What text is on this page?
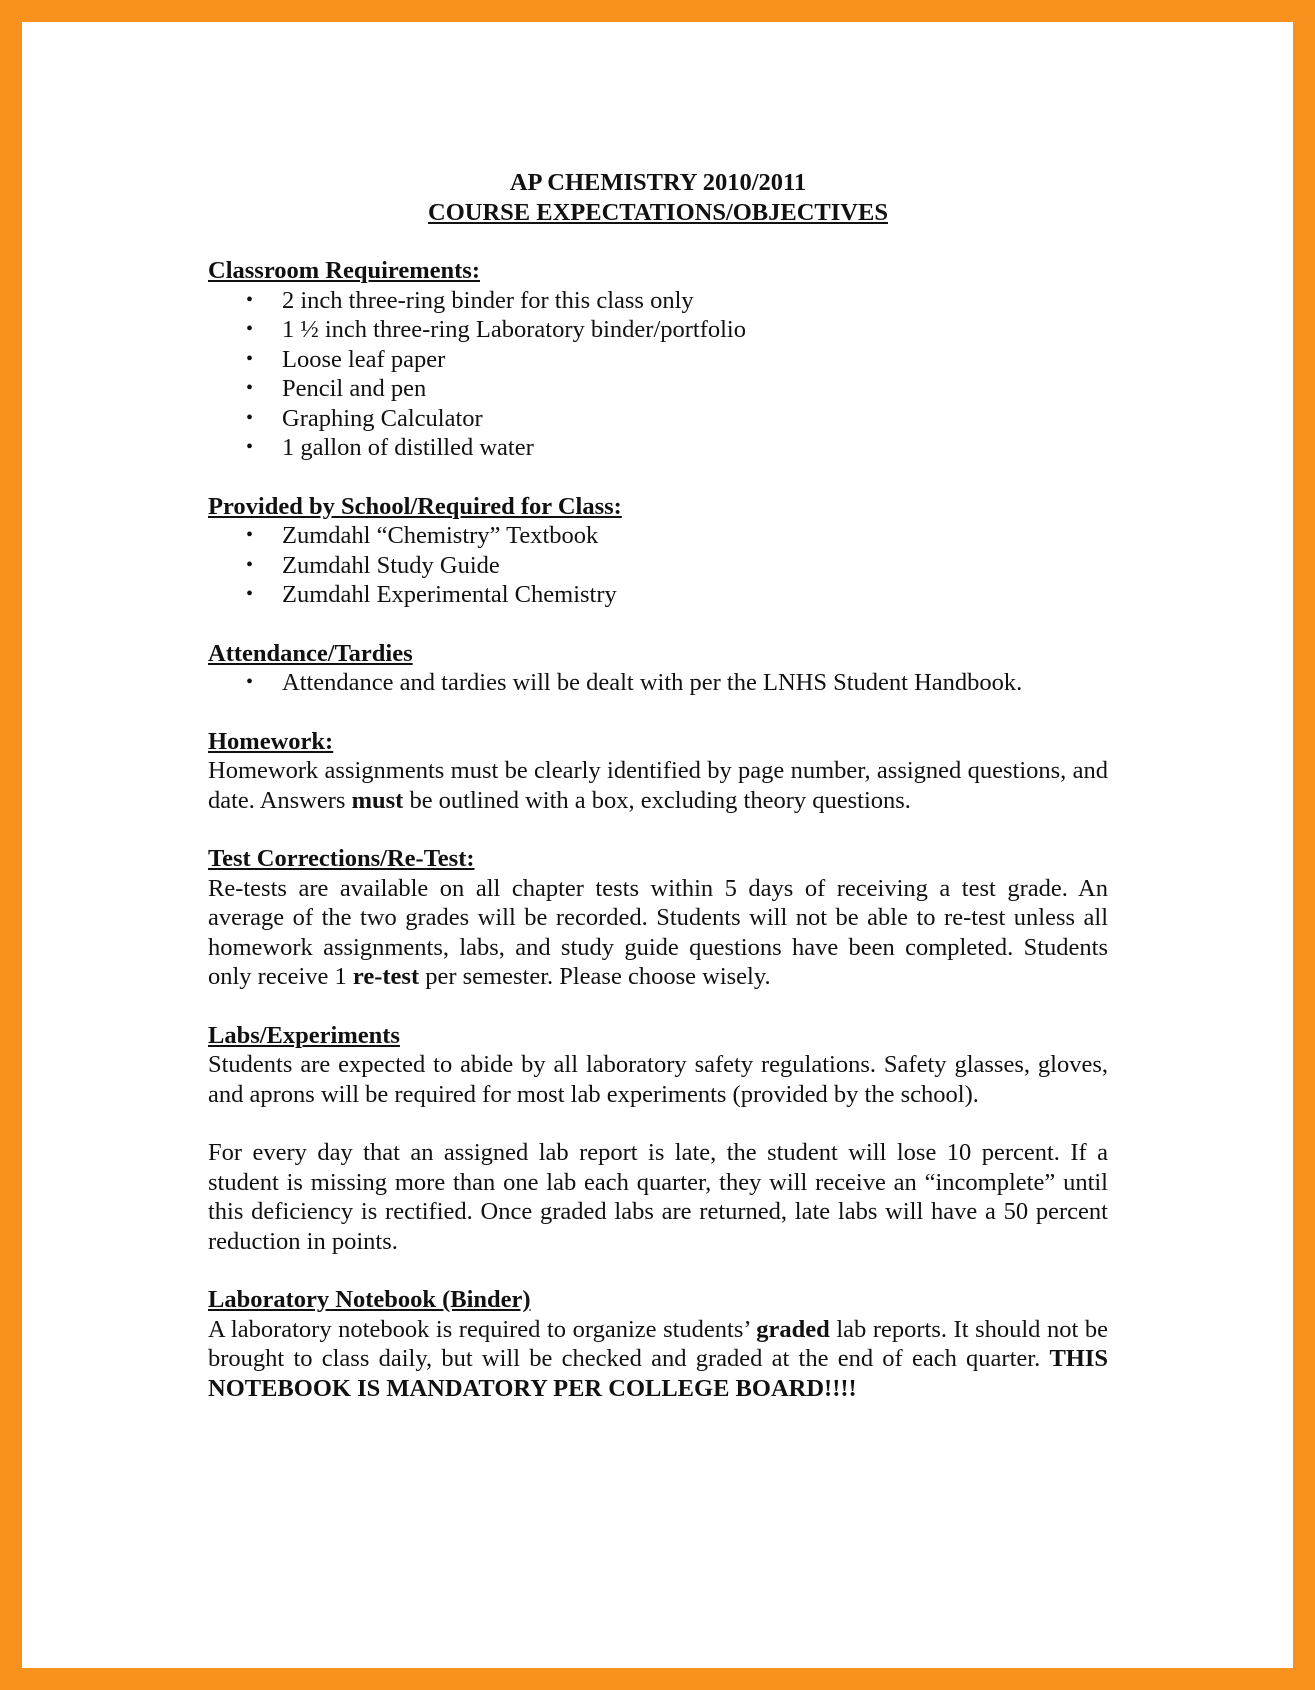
AP CHEMISTRY 2010/2011

COURSE EXPECTATIONS/OBJECTIVES

Classroom Requirements:

• 2 inch three-ring binder for this class only
• 1 ½ inch three-ring Laboratory binder/portfolio
• Loose leaf paper
• Pencil and pen
• Graphing Calculator
• 1 gallon of distilled water

Provided by School/Required for Class:

• Zumdahl “Chemistry” Textbook
• Zumdahl Study Guide
• Zumdahl Experimental Chemistry

Attendance/Tardies

• Attendance and tardies will be dealt with per the LNHS Student Handbook.

Homework:

Homework assignments must be clearly identified by page number, assigned questions, and date. Answers must be outlined with a box, excluding theory questions.

Test Corrections/Re-Test:

Re-tests are available on all chapter tests within 5 days of receiving a test grade. An average of the two grades will be recorded. Students will not be able to re-test unless all homework assignments, labs, and study guide questions have been completed. Students only receive 1 re-test per semester. Please choose wisely.

Labs/Experiments

Students are expected to abide by all laboratory safety regulations. Safety glasses, gloves, and aprons will be required for most lab experiments (provided by the school).

For every day that an assigned lab report is late, the student will lose 10 percent. If a student is missing more than one lab each quarter, they will receive an “incomplete” until this deficiency is rectified. Once graded labs are returned, late labs will have a 50 percent reduction in points.

Laboratory Notebook (Binder)

A laboratory notebook is required to organize students’ graded lab reports. It should not be brought to class daily, but will be checked and graded at the end of each quarter. THIS NOTEBOOK IS MANDATORY PER COLLEGE BOARD!!!!
